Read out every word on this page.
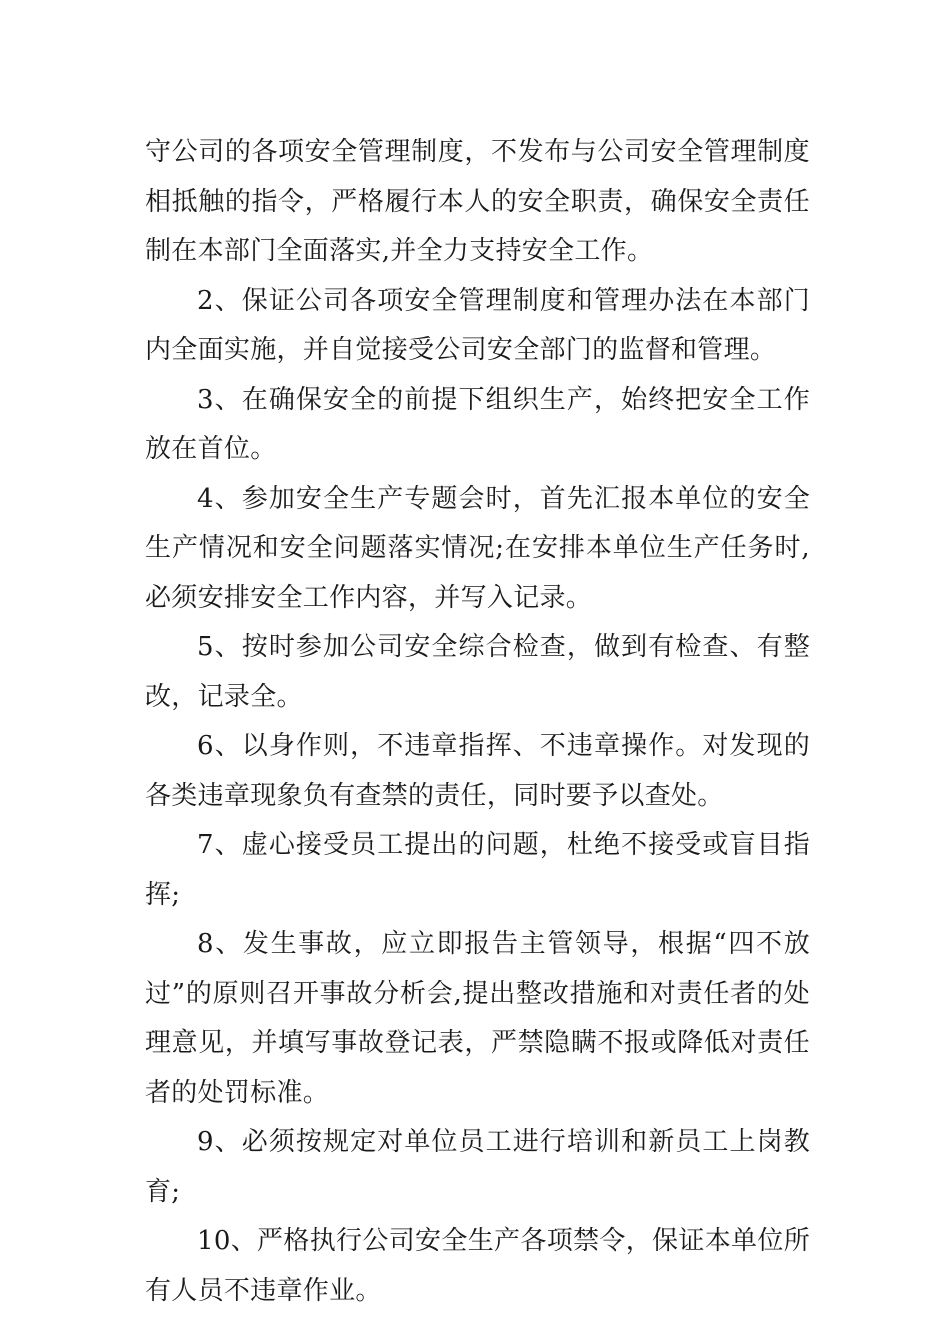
守公司的各项安全管理制度，不发布与公司安全管理制度相抵触的指令，严格履行本人的安全职责，确保安全责任制在本部门全面落实,并全力支持安全工作。

2、保证公司各项安全管理制度和管理办法在本部门内全面实施，并自觉接受公司安全部门的监督和管理。

3、在确保安全的前提下组织生产，始终把安全工作放在首位。

4、参加安全生产专题会时，首先汇报本单位的安全生产情况和安全问题落实情况;在安排本单位生产任务时,必须安排安全工作内容，并写入记录。

5、按时参加公司安全综合检查，做到有检查、有整改，记录全。

6、以身作则，不违章指挥、不违章操作。对发现的各类违章现象负有查禁的责任，同时要予以查处。

7、虚心接受员工提出的问题，杜绝不接受或盲目指挥;

8、发生事故，应立即报告主管领导，根据“四不放过”的原则召开事故分析会,提出整改措施和对责任者的处理意见，并填写事故登记表，严禁隐瞒不报或降低对责任者的处罚标准。

9、必须按规定对单位员工进行培训和新员工上岗教育;

10、严格执行公司安全生产各项禁令，保证本单位所有人员不违章作业。
